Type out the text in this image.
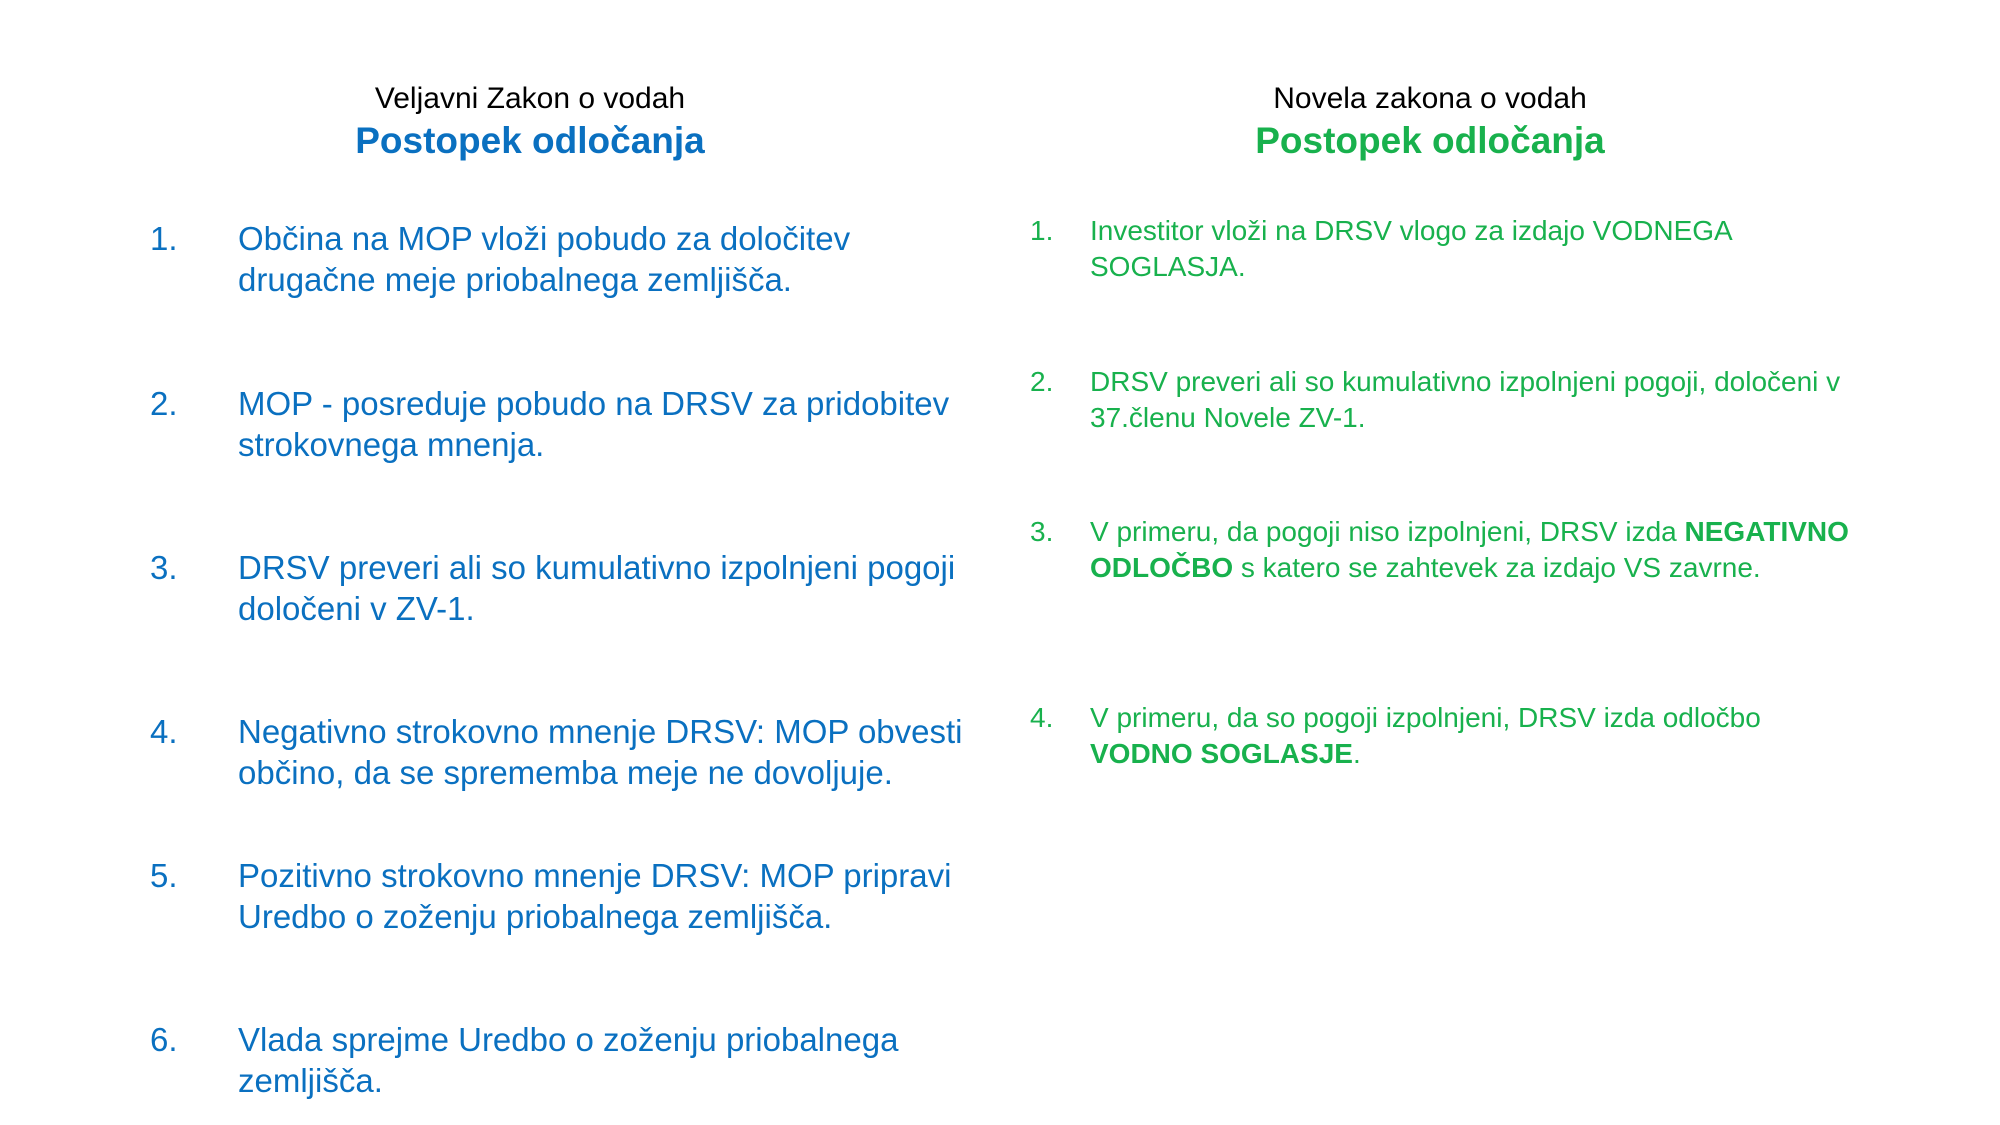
Veljavni Zakon o vodah
Postopek odločanja
1.	Občina na MOP vloži pobudo za določitev drugačne meje priobalnega zemljišča.
2.	MOP - posreduje pobudo na DRSV za pridobitev strokovnega mnenja.
3.	DRSV preveri ali so kumulativno izpolnjeni pogoji določeni v ZV-1.
4.	Negativno strokovno mnenje DRSV: MOP obvesti občino, da se sprememba meje ne dovoljuje.
5.	Pozitivno strokovno mnenje DRSV: MOP pripravi Uredbo o zoženju priobalnega zemljišča.
6.	Vlada sprejme Uredbo o zoženju priobalnega zemljišča.
Novela zakona o vodah
Postopek odločanja
1.	Investitor vloži na DRSV vlogo za izdajo VODNEGA SOGLASJA.
2.	DRSV preveri ali so kumulativno izpolnjeni pogoji, določeni v 37.členu Novele ZV-1.
3.	V primeru, da pogoji niso izpolnjeni, DRSV izda NEGATIVNO ODLOČBO s katero se zahtevek za izdajo VS zavrne.
4.	V primeru, da so pogoji izpolnjeni, DRSV izda odločbo VODNO SOGLASJE.
